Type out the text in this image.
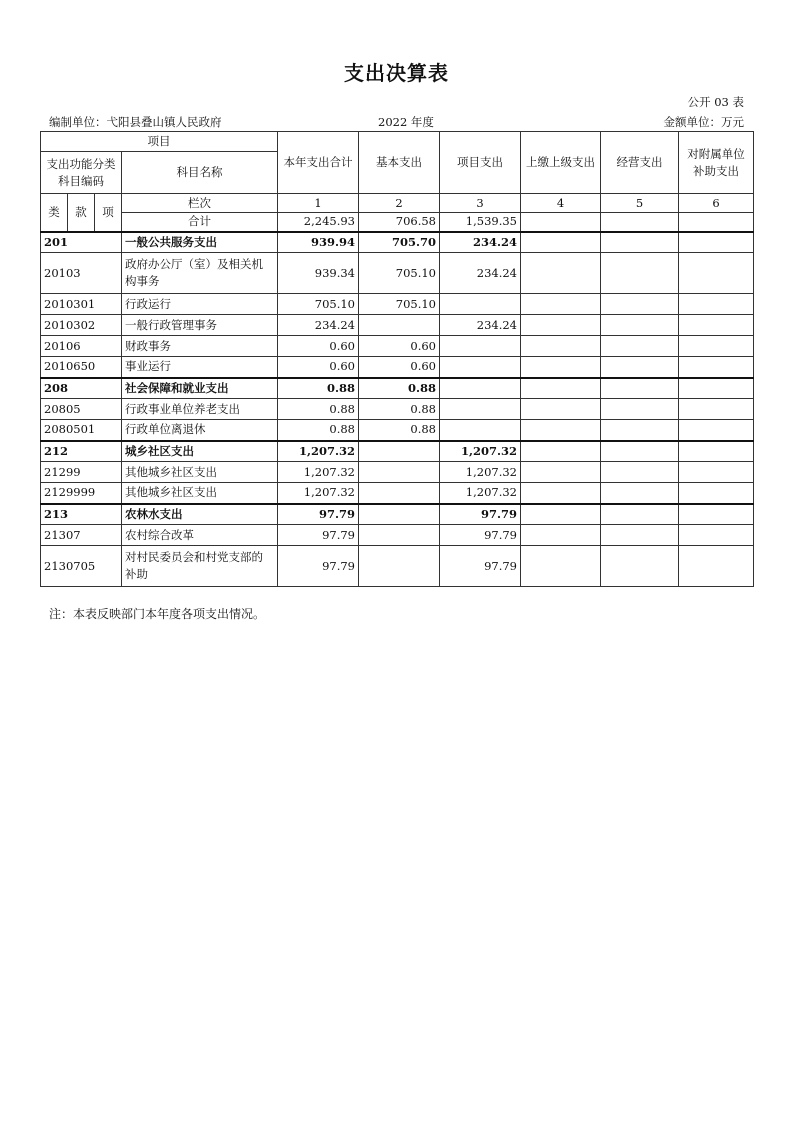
支出决算表
公开 03 表
编制单位：弋阳县叠山镇人民政府	2022 年度	金额单位：万元
项目				本年支出合计	基本支出	项目支出	上缴上级支出	经营支出	对附属单位补助支出
支出功能分类科目编码			科目名称						

类	款	项	栏次	1	2	3	4	5	6
			合计	2,245.93	706.58	1,539.35			
201			一般公共服务支出	939.94	705.70	234.24			
20103			政府办公厅（室）及相关机构事务	939.34	705.10	234.24			
2010301			行政运行	705.10	705.10				
2010302			一般行政管理事务	234.24		234.24			
20106			财政事务	0.60	0.60				
2010650			事业运行	0.60	0.60				
208			社会保障和就业支出	0.88	0.88				
20805			行政事业单位养老支出	0.88	0.88				
2080501			行政单位离退休	0.88	0.88				
212			城乡社区支出	1,207.32		1,207.32			
21299			其他城乡社区支出	1,207.32		1,207.32			
2129999			其他城乡社区支出	1,207.32		1,207.32			
213			农林水支出	97.79		97.79			
21307			农村综合改革	97.79		97.79			
2130705			对村民委员会和村党支部的补助	97.79		97.79			
注：本表反映部门本年度各项支出情况。
